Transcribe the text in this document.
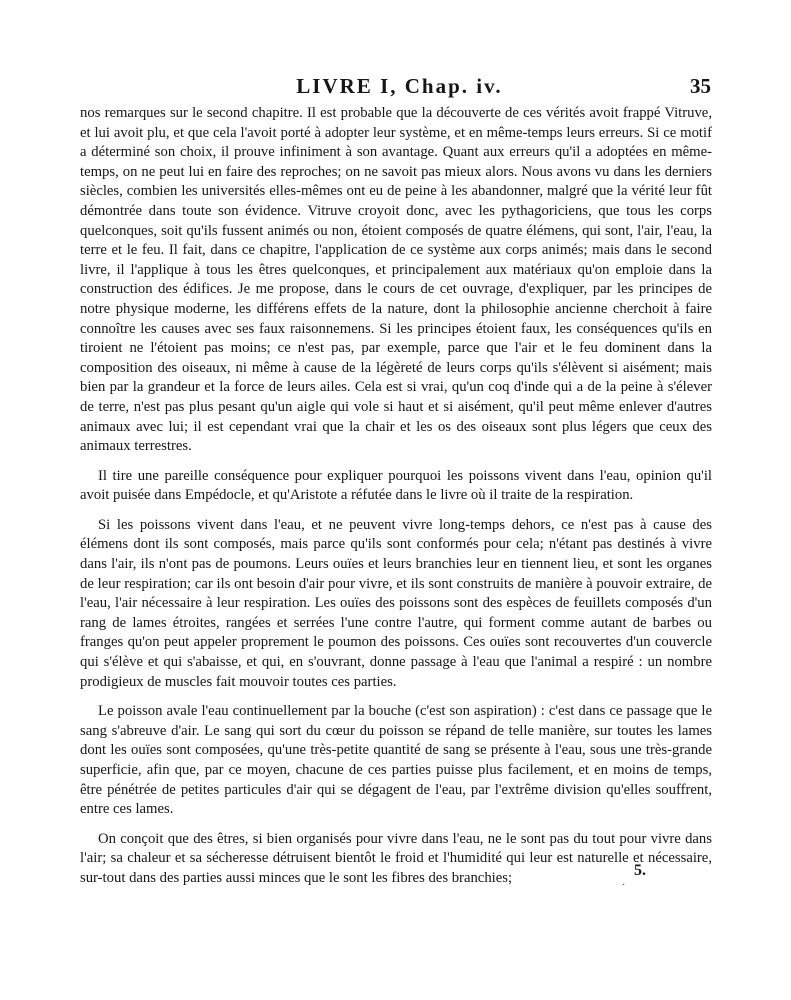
LIVRE I, Chap. iv.	35

nos remarques sur le second chapitre. Il est probable que la découverte de ces vérités avoit frappé Vitruve, et lui avoit plu, et que cela l'avoit porté à adopter leur système, et en même-temps leurs erreurs. Si ce motif a déterminé son choix, il prouve infiniment à son avantage. Quant aux erreurs qu'il a adoptées en même-temps, on ne peut lui en faire des reproches; on ne savoit pas mieux alors. Nous avons vu dans les derniers siècles, combien les universités elles-mêmes ont eu de peine à les abandonner, malgré que la vérité leur fût démontrée dans toute son évidence. Vitruve croyoit donc, avec les pythagoriciens, que tous les corps quelconques, soit qu'ils fussent animés ou non, étoient composés de quatre élémens, qui sont, l'air, l'eau, la terre et le feu. Il fait, dans ce chapitre, l'application de ce système aux corps animés; mais dans le second livre, il l'applique à tous les êtres quelconques, et principalement aux matériaux qu'on emploie dans la construction des édifices. Je me propose, dans le cours de cet ouvrage, d'expliquer, par les principes de notre physique moderne, les différens effets de la nature, dont la philosophie ancienne cherchoit à faire connoître les causes avec ses faux raisonnemens. Si les principes étoient faux, les conséquences qu'ils en tiroient ne l'étoient pas moins; ce n'est pas, par exemple, parce que l'air et le feu dominent dans la composition des oiseaux, ni même à cause de la légèreté de leurs corps qu'ils s'élèvent si aisément; mais bien par la grandeur et la force de leurs ailes. Cela est si vrai, qu'un coq d'inde qui a de la peine à s'élever de terre, n'est pas plus pesant qu'un aigle qui vole si haut et si aisément, qu'il peut même enlever d'autres animaux avec lui; il est cependant vrai que la chair et les os des oiseaux sont plus légers que ceux des animaux terrestres.

Il tire une pareille conséquence pour expliquer pourquoi les poissons vivent dans l'eau, opinion qu'il avoit puisée dans Empédocle, et qu'Aristote a réfutée dans le livre où il traite de la respiration.

Si les poissons vivent dans l'eau, et ne peuvent vivre long-temps dehors, ce n'est pas à cause des élémens dont ils sont composés, mais parce qu'ils sont conformés pour cela; n'étant pas destinés à vivre dans l'air, ils n'ont pas de poumons. Leurs ouïes et leurs branchies leur en tiennent lieu, et sont les organes de leur respiration; car ils ont besoin d'air pour vivre, et ils sont construits de manière à pouvoir extraire, de l'eau, l'air nécessaire à leur respiration. Les ouïes des poissons sont des espèces de feuillets composés d'un rang de lames étroites, rangées et serrées l'une contre l'autre, qui forment comme autant de barbes ou franges qu'on peut appeler proprement le poumon des poissons. Ces ouïes sont recouvertes d'un couvercle qui s'élève et qui s'abaisse, et qui, en s'ouvrant, donne passage à l'eau que l'animal a respiré : un nombre prodigieux de muscles fait mouvoir toutes ces parties.

Le poisson avale l'eau continuellement par la bouche (c'est son aspiration) : c'est dans ce passage que le sang s'abreuve d'air. Le sang qui sort du cœur du poisson se répand de telle manière, sur toutes les lames dont les ouïes sont composées, qu'une très-petite quantité de sang se présente à l'eau, sous une très-grande superficie, afin que, par ce moyen, chacune de ces parties puisse plus facilement, et en moins de temps, être pénétrée de petites particules d'air qui se dégagent de l'eau, par l'extrême division qu'elles souffrent, entre ces lames.

On conçoit que des êtres, si bien organisés pour vivre dans l'eau, ne le sont pas du tout pour vivre dans l'air; sa chaleur et sa sécheresse détruisent bientôt le froid et l'humidité qui leur est naturelle et nécessaire, sur-tout dans des parties aussi minces que le sont les fibres des branchies;	5.
·
